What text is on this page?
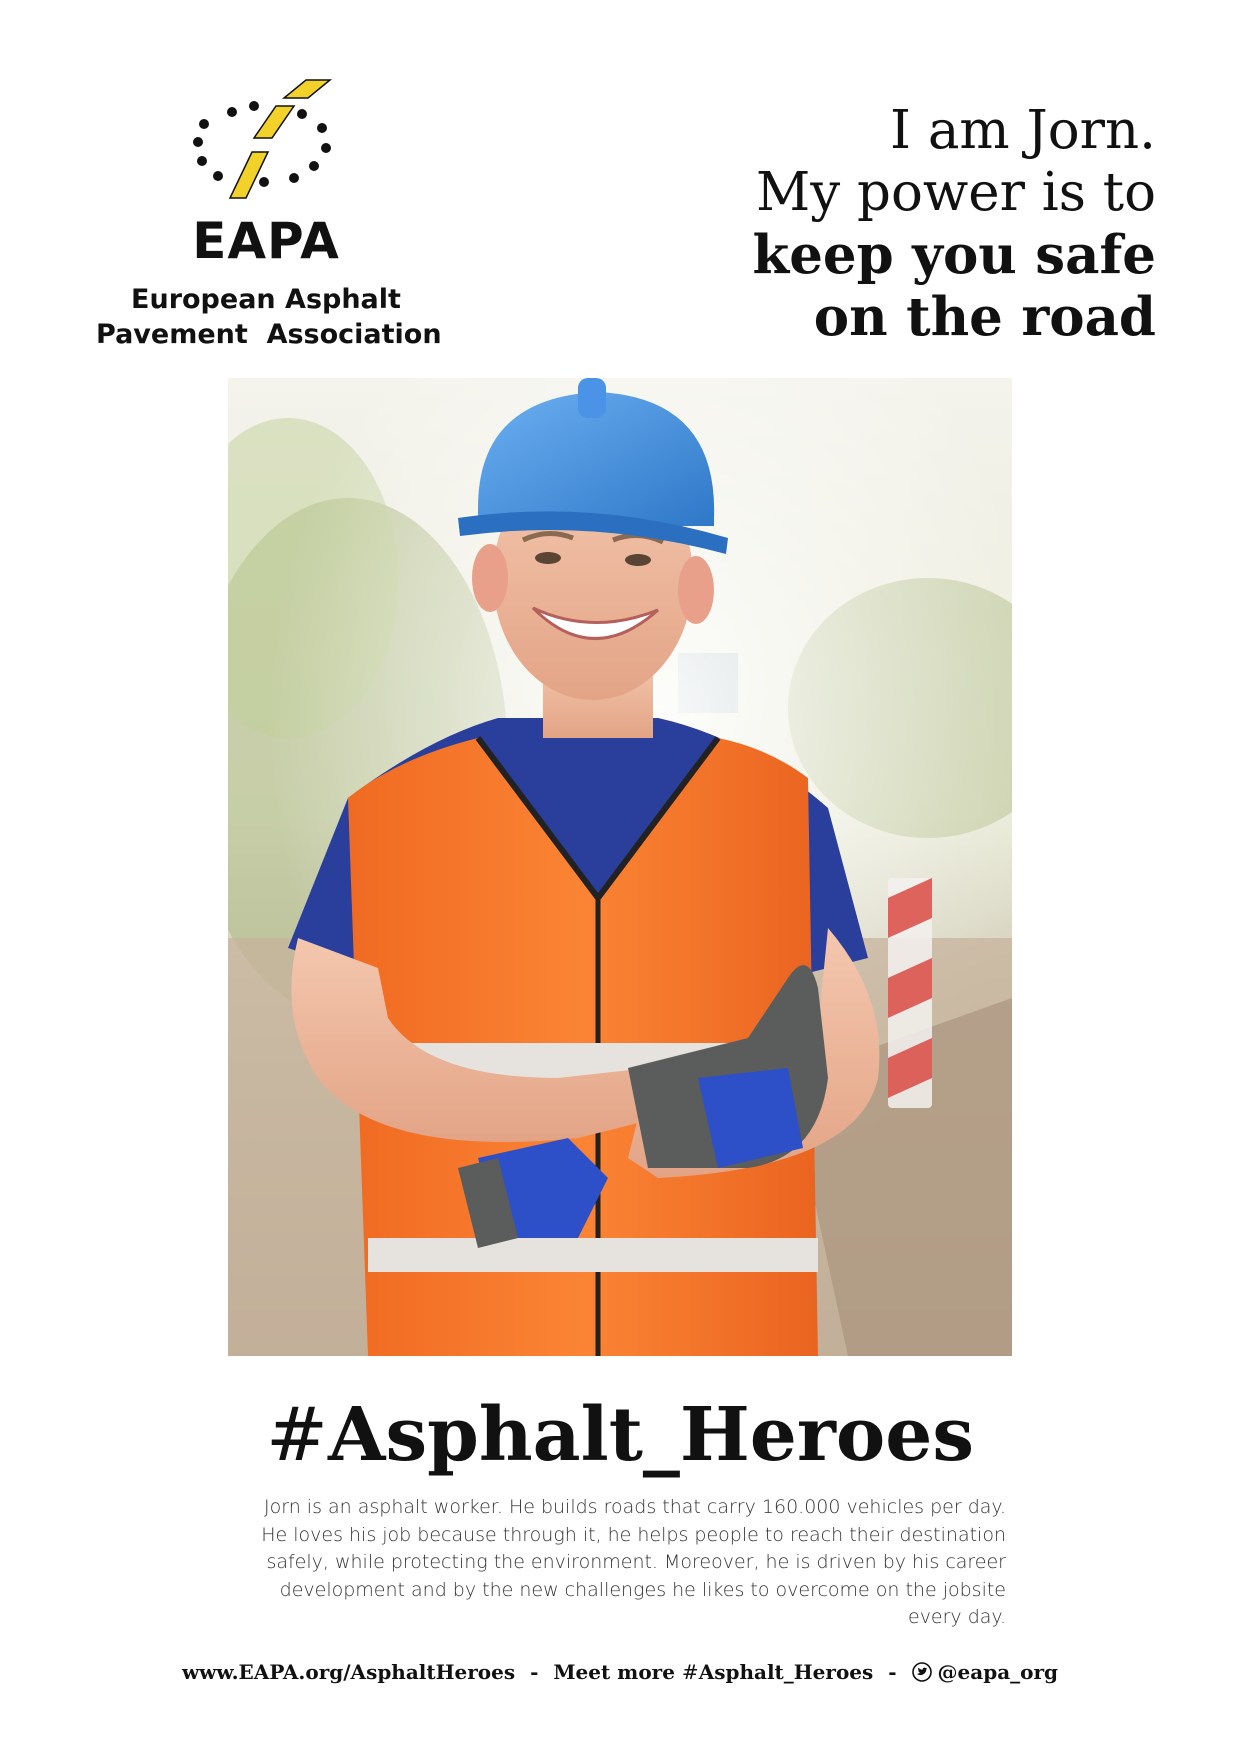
EAPA
European Asphalt
Pavement  Association
I am Jorn.
My power is to
keep you safe
on the road
#Asphalt_Heroes
Jorn is an asphalt worker. He builds roads that carry 160.000 vehicles per day.
He loves his job because through it, he helps people to reach their destination
safely, while protecting the environment. Moreover, he is driven by his career
development and by the new challenges he likes to overcome on the jobsite
every day.
www.EAPA.org/AsphaltHeroes - Meet more #Asphalt_Heroes - @eapa_org
